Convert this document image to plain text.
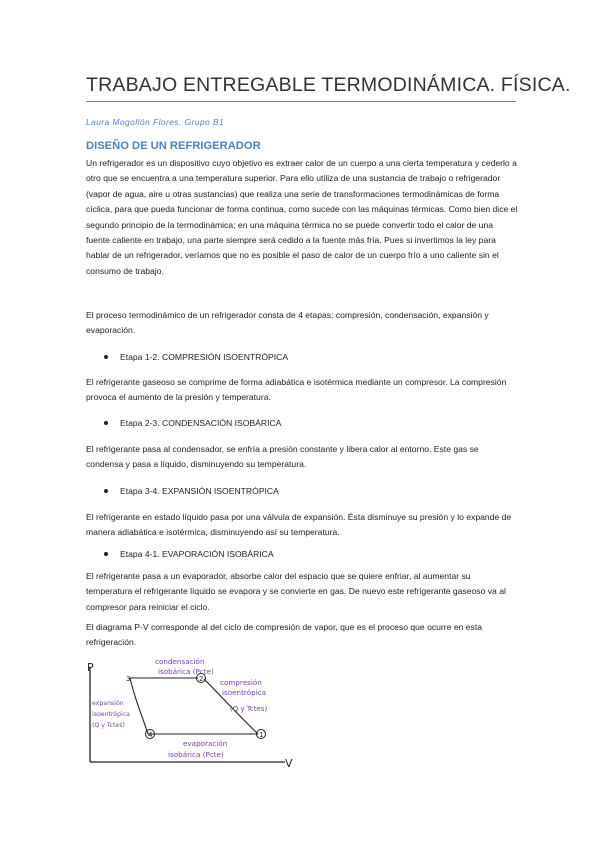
TRABAJO ENTREGABLE TERMODINÁMICA. FÍSICA.
Laura Mogollón Flores. Grupo B1
DISEÑO DE UN REFRIGERADOR

Un refrigerador es un dispositivo cuyo objetivo es extraer calor de un cuerpo a una cierta temperatura y cederlo a otro que se encuentra a una temperatura superior. Para ello utiliza de una sustancia de trabajo o refrigerador (vapor de agua, aire u otras sustancias) que realiza una serie de transformaciones termodinámicas de forma cíclica, para que pueda funcionar de forma continua, como sucede con las máquinas térmicas. Como bien dice el segundo principio de la termodinámica; en una máquina térmica no se puede convertir todo el calor de una fuente caliente en trabajo, una parte siempre será cedido a la fuente más fría. Pues si invertimos la ley para hablar de un refrigerador, veríamos que no es posible el paso de calor de un cuerpo frío a uno caliente sin el consumo de trabajo.

El proceso termodinámico de un refrigerador consta de 4 etapas: compresión, condensación, expansión y evaporación.

Etapa 1-2. COMPRESIÓN ISOENTRÓPICA

El refrigerante gaseoso se comprime de forma adiabática e isotérmica mediante un compresor. La compresión provoca el aumento de la presión y temperatura.

Etapa 2-3. CONDENSACIÓN ISOBÁRICA

El refrigerante pasa al condensador, se enfría a presión constante y libera calor al entorno. Este gas se condensa y pasa a líquido, disminuyendo su temperatura.

Etapa 3-4. EXPANSIÓN ISOENTRÓPICA

El refrigerante en estado líquido pasa por una válvula de expansión. Ésta disminuye su presión y lo expande de manera adiabática e isotérmica, disminuyendo así su temperatura.

Etapa 4-1. EVAPORACIÓN ISOBÁRICA

El refrigerante pasa a un evaporador, absorbe calor del espacio que se quiere enfriar, al aumentar su temperatura el refrigerante líquido se evapora y se convierte en gas. De nuevo este refrigerante gaseoso va al compresor para reiniciar el ciclo.

El diagrama P-V corresponde al del ciclo de compresión de vapor, que es el proceso que ocurre en esta refrigeración.

P
V
2
4	1
3
condensación
isobárica (Pcte)
compresión
isoentrópica
(Q y Tctes)
expansión
isoentrópica
(Q y Tctes)
evaporación
isobárica (Pcte)
